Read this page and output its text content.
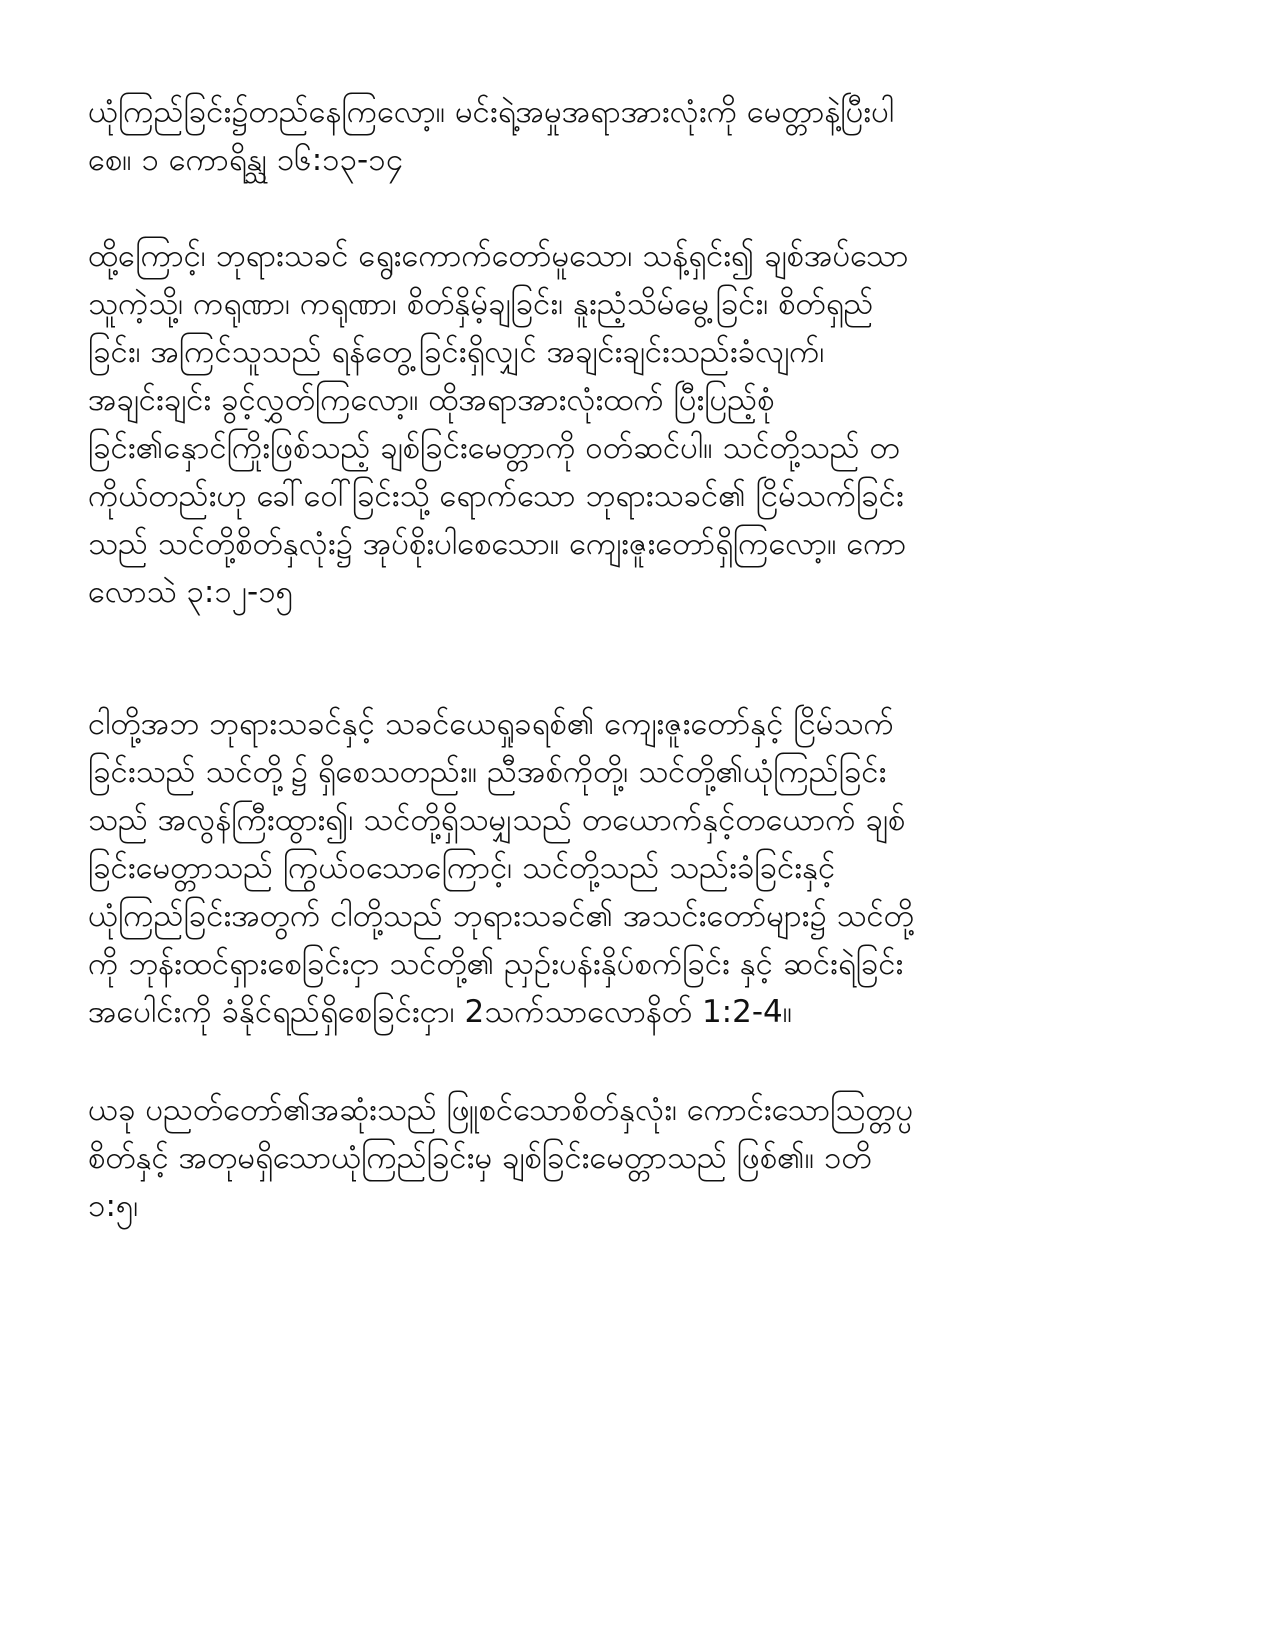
ယုံကြည်ခြင်း၌တည်နေကြလော့။ မင်းရဲ့အမှုအရာအားလုံးကို မေတ္တာနဲ့ပြီးပါ
စေ။ ၁ ကောရိန္သု ၁၆:၁၃-၁၄

ထို့ကြောင့်၊ ဘုရားသခင် ရွေးကောက်တော်မူသော၊ သန့်ရှင်း၍ ချစ်အပ်သော
သူကဲ့သို့၊ ကရုဏာ၊ ကရုဏာ၊ စိတ်နှိမ့်ချခြင်း၊ နူးညံ့သိမ်မွေ့ခြင်း၊ စိတ်ရှည်
ခြင်း၊ အကြင်သူသည် ရန်တွေ့ခြင်းရှိလျှင် အချင်းချင်းသည်းခံလျက်၊
အချင်းချင်း ခွင့်လွှတ်ကြလော့။ ထိုအရာအားလုံးထက် ပြီးပြည့်စုံ
ခြင်း၏နှောင်ကြိုးဖြစ်သည့် ချစ်ခြင်းမေတ္တာကို ဝတ်ဆင်ပါ။ သင်တို့သည် တ
ကိုယ်တည်းဟု ခေါ်ဝေါ်ခြင်းသို့ ရောက်သော ဘုရားသခင်၏ ငြိမ်သက်ခြင်း
သည် သင်တို့စိတ်နှလုံး၌ အုပ်စိုးပါစေသော။ ကျေးဇူးတော်ရှိကြလော့။ ကော
လောသဲ ၃:၁၂-၁၅

ငါတို့အဘ ဘုရားသခင်နှင့် သခင်ယေရှုခရစ်၏ ကျေးဇူးတော်နှင့် ငြိမ်သက်
ခြင်းသည် သင်တို့၌ ရှိစေသတည်း။ ညီအစ်ကိုတို့၊ သင်တို့၏ယုံကြည်ခြင်း
သည် အလွန်ကြီးထွား၍၊ သင်တို့ရှိသမျှသည် တယောက်နှင့်တယောက် ချစ်
ခြင်းမေတ္တာသည် ကြွယ်ဝသောကြောင့်၊ သင်တို့သည် သည်းခံခြင်းနှင့်
ယုံကြည်ခြင်းအတွက် ငါတို့သည် ဘုရားသခင်၏ အသင်းတော်များ၌ သင်တို့
ကို ဘုန်းထင်ရှားစေခြင်းငှာ သင်တို့၏ ညှဉ်းပန်းနှိပ်စက်ခြင်း နှင့် ဆင်းရဲခြင်း
အပေါင်းကို ခံနိုင်ရည်ရှိစေခြင်းငှာ၊ 2သက်သာလောနိတ် 1:2-4။

ယခု ပညတ်တော်၏အဆုံးသည် ဖြူစင်သောစိတ်နှလုံး၊ ကောင်းသောသြတ္တပ္ပ
စိတ်နှင့် အတုမရှိသောယုံကြည်ခြင်းမှ ချစ်ခြင်းမေတ္တာသည် ဖြစ်၏။ ၁တိ
၁:၅၊
